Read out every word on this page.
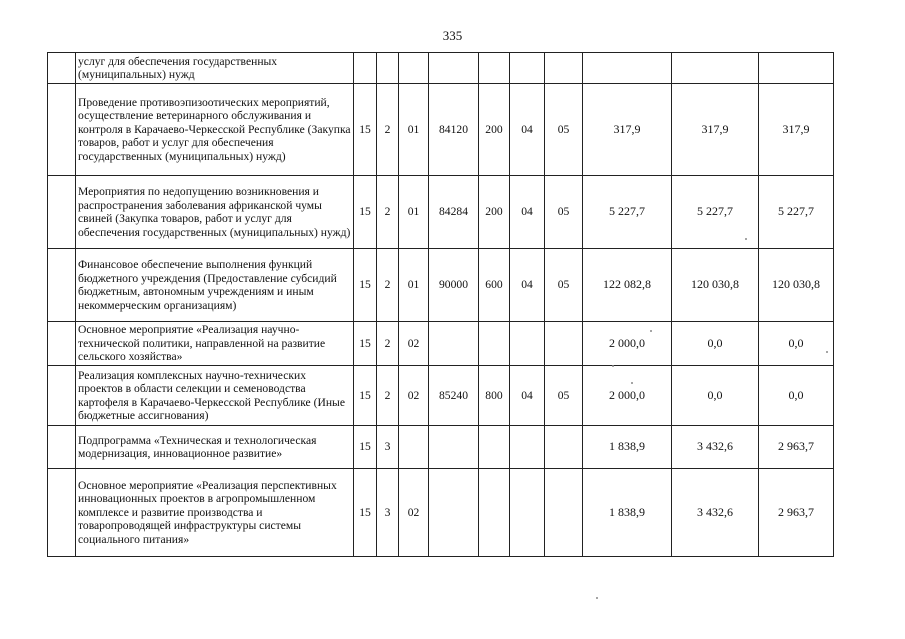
335
	услуг для обеспечения государственных (муниципальных) нужд										
	Проведение противоэпизоотических мероприятий, осуществление ветеринарного обслуживания и контроля в Карачаево-Черкесской Республике (Закупка товаров, работ и услуг для обеспечения государственных (муниципальных) нужд)	15	2	01	84120	200	04	05	317,9	317,9	317,9
	Мероприятия по недопущению возникновения и распространения заболевания африканской чумы свиней (Закупка товаров, работ и услуг для обеспечения государственных (муниципальных) нужд)	15	2	01	84284	200	04	05	5 227,7	5 227,7	5 227,7
	Финансовое обеспечение выполнения функций бюджетного учреждения (Предоставление субсидий бюджетным, автономным учреждениям и иным некоммерческим организациям)	15	2	01	90000	600	04	05	122 082,8	120 030,8	120 030,8
	Основное мероприятие «Реализация научно-технической политики, направленной на развитие сельского хозяйства»	15	2	02					2 000,0	0,0	0,0
	Реализация комплексных научно-технических проектов в области селекции и семеноводства картофеля в Карачаево-Черкесской Республике (Иные бюджетные ассигнования)	15	2	02	85240	800	04	05	2 000,0	0,0	0,0
	Подпрограмма «Техническая и технологическая модернизация, инновационное развитие»	15	3						1 838,9	3 432,6	2 963,7
	Основное мероприятие «Реализация перспективных инновационных проектов в агропромышленном комплексе и развитие производства и товаропроводящей инфраструктуры системы социального питания»	15	3	02					1 838,9	3 432,6	2 963,7
